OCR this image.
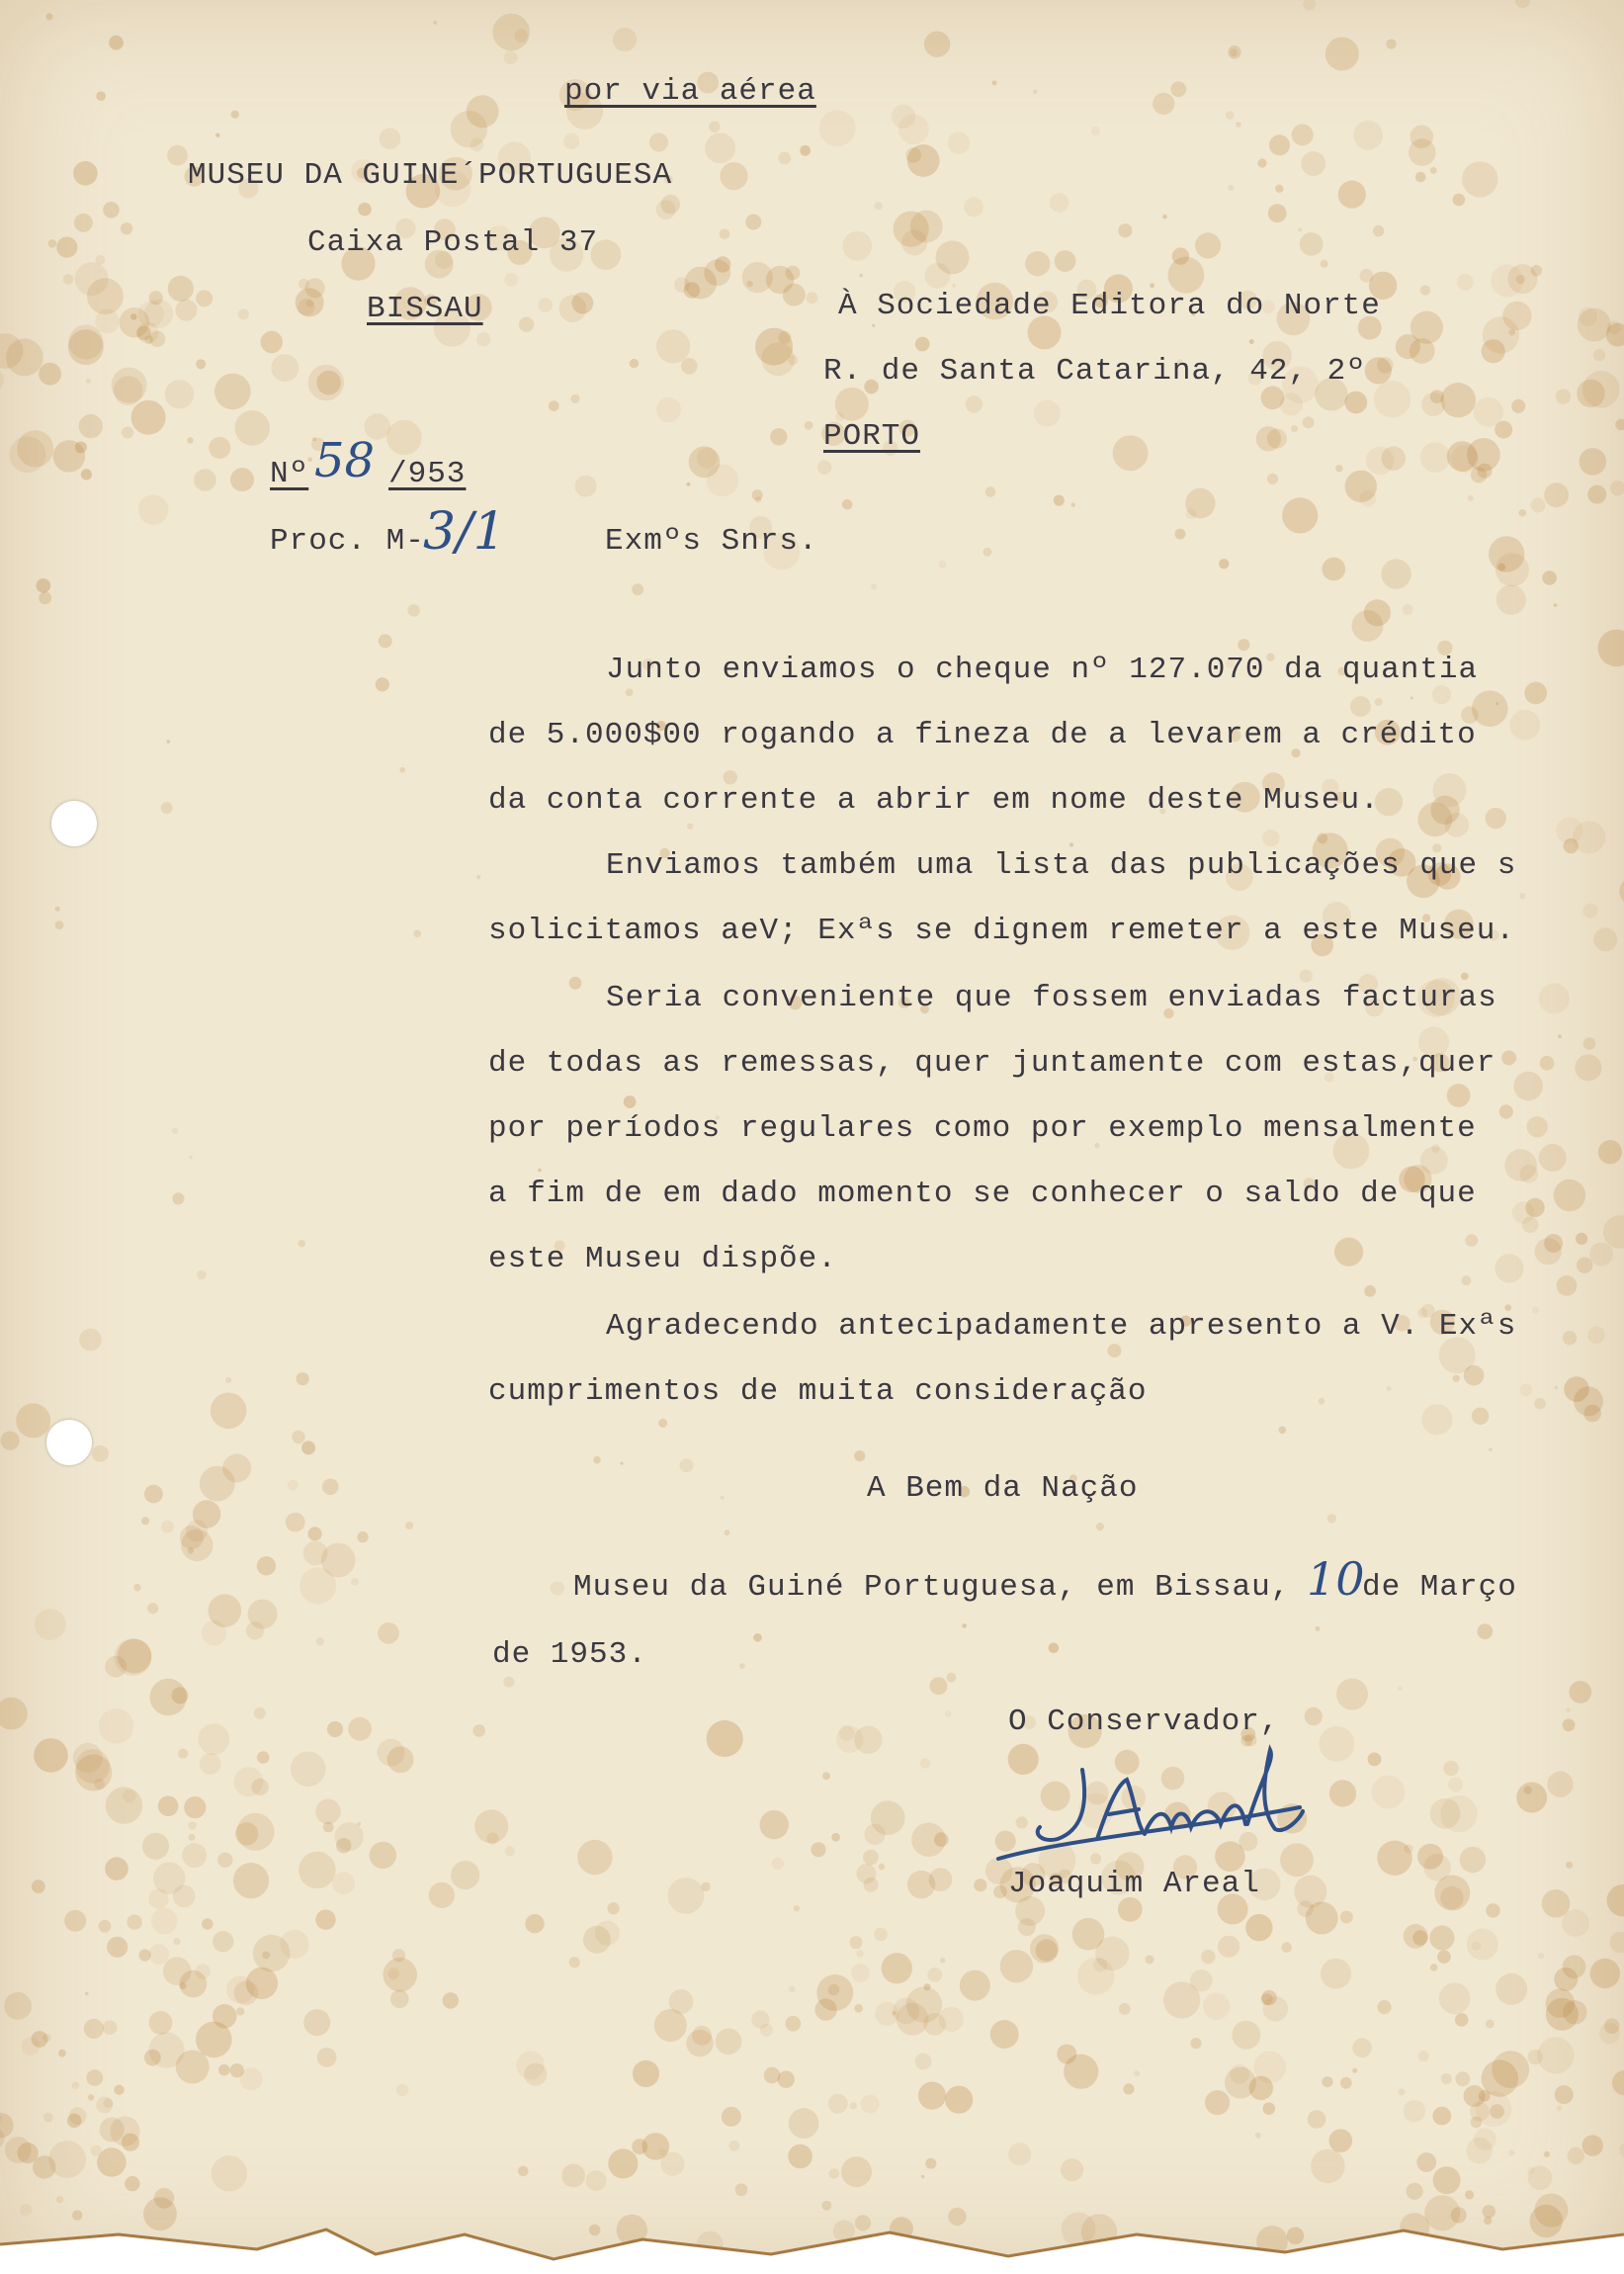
por via aérea
MUSEU DA GUINE´PORTUGUESA
Caixa Postal 37
BISSAU	À Sociedade Editora do Norte
R. de Santa Catarina, 42, 2º
PORTO
Nº 58 /953
Proc. M-
3/1	Exmºs Snrs.
Junto enviamos o cheque nº 127.070 da quantia
de 5.000$00 rogando a fineza de a levarem a crédito
da conta corrente a abrir em nome deste Museu.
Enviamos também uma lista das publicações que s
solicitamos aeV; Exªs se dignem remeter a este Museu.
Seria conveniente que fossem enviadas facturas
de todas as remessas, quer juntamente com estas,quer
por períodos regulares como por exemplo mensalmente
a fim de em dado momento se conhecer o saldo de que
este Museu dispõe.
Agradecendo antecipadamente apresento a V. Exªs
cumprimentos de muita consideração
A Bem da Nação
Museu da Guiné Portuguesa, em Bissau, 10
de Março
de 1953.
O Conservador,
JAreal
Joaquim Areal
